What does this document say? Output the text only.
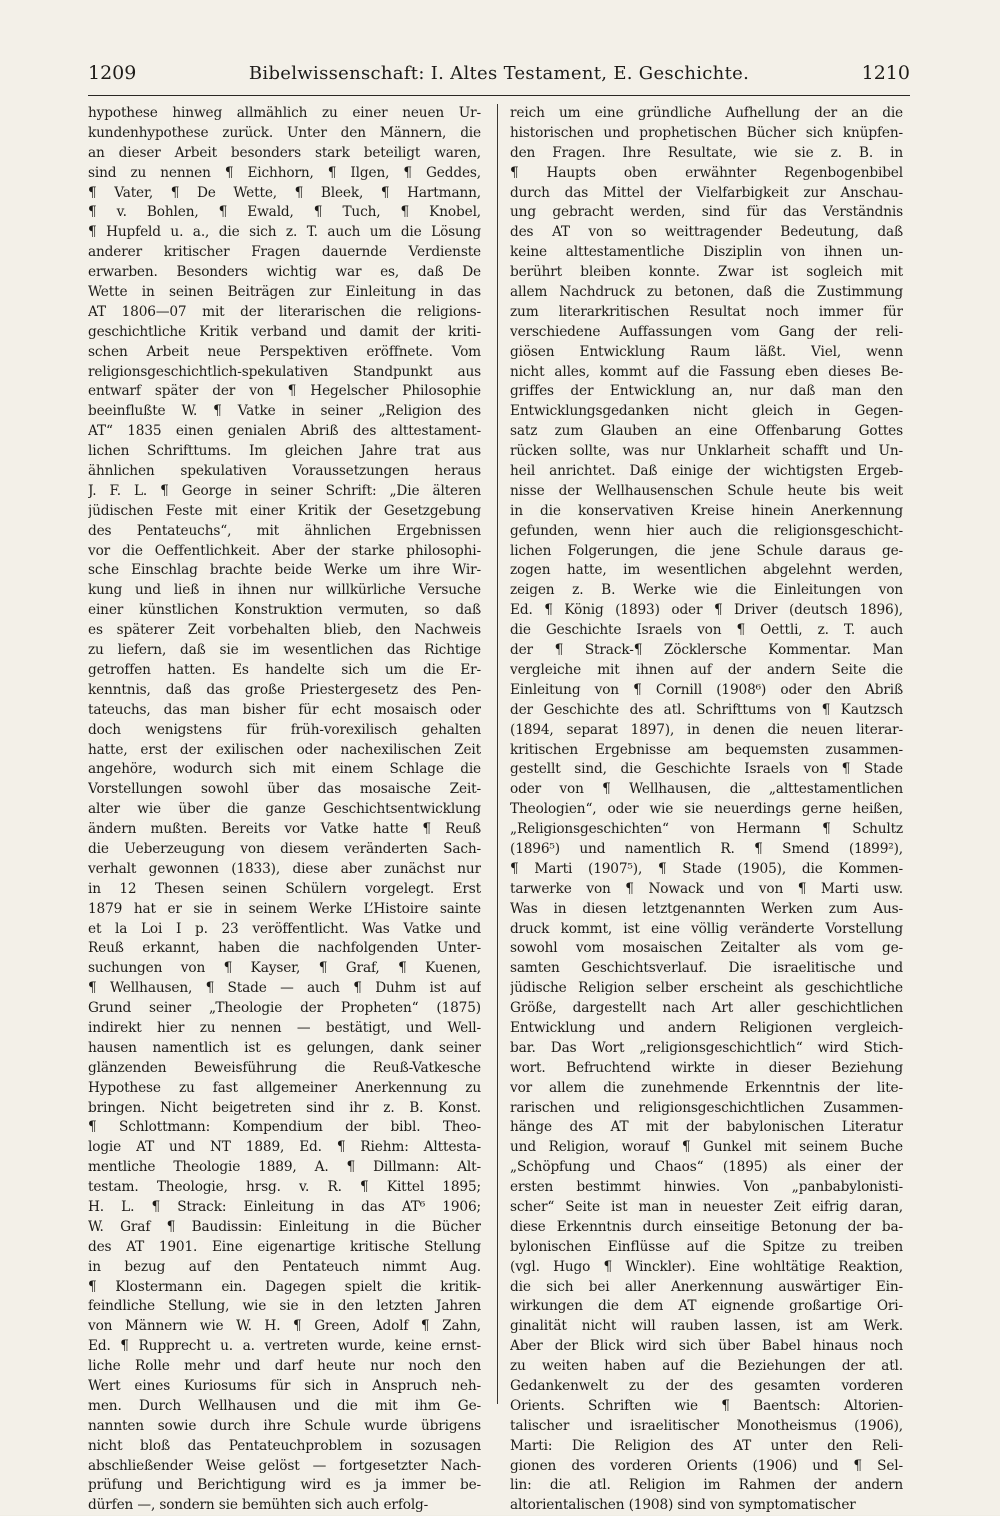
1209	Bibelwissenschaft: I. Altes Testament, E. Geschichte.	1210
hypothese hinweg allmählich zu einer neuen Ur-
kundenhypothese zurück. Unter den Männern, die
an dieser Arbeit besonders stark beteiligt waren,
sind zu nennen ¶ Eichhorn, ¶ Ilgen, ¶ Geddes,
¶ Vater, ¶ De Wette, ¶ Bleek, ¶ Hartmann,
¶ v. Bohlen, ¶ Ewald, ¶ Tuch, ¶ Knobel,
¶ Hupfeld u. a., die sich z. T. auch um die Lösung
anderer kritischer Fragen dauernde Verdienste
erwarben. Besonders wichtig war es, daß De
Wette in seinen Beiträgen zur Einleitung in das
AT 1806—07 mit der literarischen die religions-
geschichtliche Kritik verband und damit der kriti-
schen Arbeit neue Perspektiven eröffnete. Vom
religionsgeschichtlich-spekulativen Standpunkt aus
entwarf später der von ¶ Hegelscher Philosophie
beeinflußte W. ¶ Vatke in seiner „Religion des
AT“ 1835 einen genialen Abriß des alttestament-
lichen Schrifttums. Im gleichen Jahre trat aus
ähnlichen spekulativen Voraussetzungen heraus
J. F. L. ¶ George in seiner Schrift: „Die älteren
jüdischen Feste mit einer Kritik der Gesetzgebung
des Pentateuchs“, mit ähnlichen Ergebnissen
vor die Oeffentlichkeit. Aber der starke philosophi-
sche Einschlag brachte beide Werke um ihre Wir-
kung und ließ in ihnen nur willkürliche Versuche
einer künstlichen Konstruktion vermuten, so daß
es späterer Zeit vorbehalten blieb, den Nachweis
zu liefern, daß sie im wesentlichen das Richtige
getroffen hatten. Es handelte sich um die Er-
kenntnis, daß das große Priestergesetz des Pen-
tateuchs, das man bisher für echt mosaisch oder
doch wenigstens für früh-vorexilisch gehalten
hatte, erst der exilischen oder nachexilischen Zeit
angehöre, wodurch sich mit einem Schlage die
Vorstellungen sowohl über das mosaische Zeit-
alter wie über die ganze Geschichtsentwicklung
ändern mußten. Bereits vor Vatke hatte ¶ Reuß
die Ueberzeugung von diesem veränderten Sach-
verhalt gewonnen (1833), diese aber zunächst nur
in 12 Thesen seinen Schülern vorgelegt. Erst
1879 hat er sie in seinem Werke L’Histoire sainte
et la Loi I p. 23 veröffentlicht. Was Vatke und
Reuß erkannt, haben die nachfolgenden Unter-
suchungen von ¶ Kayser, ¶ Graf, ¶ Kuenen,
¶ Wellhausen, ¶ Stade — auch ¶ Duhm ist auf
Grund seiner „Theologie der Propheten“ (1875)
indirekt hier zu nennen — bestätigt, und Well-
hausen namentlich ist es gelungen, dank seiner
glänzenden Beweisführung die Reuß-Vatkesche
Hypothese zu fast allgemeiner Anerkennung zu
bringen. Nicht beigetreten sind ihr z. B. Konst.
¶ Schlottmann: Kompendium der bibl. Theo-
logie AT und NT 1889, Ed. ¶ Riehm: Alttesta-
mentliche Theologie 1889, A. ¶ Dillmann: Alt-
testam. Theologie, hrsg. v. R. ¶ Kittel 1895;
H. L. ¶ Strack: Einleitung in das AT⁶ 1906;
W. Graf ¶ Baudissin: Einleitung in die Bücher
des AT 1901. Eine eigenartige kritische Stellung
in bezug auf den Pentateuch nimmt Aug.
¶ Klostermann ein. Dagegen spielt die kritik-
feindliche Stellung, wie sie in den letzten Jahren
von Männern wie W. H. ¶ Green, Adolf ¶ Zahn,
Ed. ¶ Rupprecht u. a. vertreten wurde, keine ernst-
liche Rolle mehr und darf heute nur noch den
Wert eines Kuriosums für sich in Anspruch neh-
men. Durch Wellhausen und die mit ihm Ge-
nannten sowie durch ihre Schule wurde übrigens
nicht bloß das Pentateuchproblem in sozusagen
abschließender Weise gelöst — fortgesetzter Nach-
prüfung und Berichtigung wird es ja immer be-
dürfen —, sondern sie bemühten sich auch erfolg-
reich um eine gründliche Aufhellung der an die
historischen und prophetischen Bücher sich knüpfen-
den Fragen. Ihre Resultate, wie sie z. B. in
¶ Haupts oben erwähnter Regenbogenbibel
durch das Mittel der Vielfarbigkeit zur Anschau-
ung gebracht werden, sind für das Verständnis
des AT von so weittragender Bedeutung, daß
keine alttestamentliche Disziplin von ihnen un-
berührt bleiben konnte. Zwar ist sogleich mit
allem Nachdruck zu betonen, daß die Zustimmung
zum literarkritischen Resultat noch immer für
verschiedene Auffassungen vom Gang der reli-
giösen Entwicklung Raum läßt. Viel, wenn
nicht alles, kommt auf die Fassung eben dieses Be-
griffes der Entwicklung an, nur daß man den
Entwicklungsgedanken nicht gleich in Gegen-
satz zum Glauben an eine Offenbarung Gottes
rücken sollte, was nur Unklarheit schafft und Un-
heil anrichtet. Daß einige der wichtigsten Ergeb-
nisse der Wellhausenschen Schule heute bis weit
in die konservativen Kreise hinein Anerkennung
gefunden, wenn hier auch die religionsgeschicht-
lichen Folgerungen, die jene Schule daraus ge-
zogen hatte, im wesentlichen abgelehnt werden,
zeigen z. B. Werke wie die Einleitungen von
Ed. ¶ König (1893) oder ¶ Driver (deutsch 1896),
die Geschichte Israels von ¶ Oettli, z. T. auch
der ¶ Strack-¶ Zöcklersche Kommentar. Man
vergleiche mit ihnen auf der andern Seite die
Einleitung von ¶ Cornill (1908⁶) oder den Abriß
der Geschichte des atl. Schrifttums von ¶ Kautzsch
(1894, separat 1897), in denen die neuen literar-
kritischen Ergebnisse am bequemsten zusammen-
gestellt sind, die Geschichte Israels von ¶ Stade
oder von ¶ Wellhausen, die „alttestamentlichen
Theologien“, oder wie sie neuerdings gerne heißen,
„Religionsgeschichten“ von Hermann ¶ Schultz
(1896⁵) und namentlich R. ¶ Smend (1899²),
¶ Marti (1907⁵), ¶ Stade (1905), die Kommen-
tarwerke von ¶ Nowack und von ¶ Marti usw.
Was in diesen letztgenannten Werken zum Aus-
druck kommt, ist eine völlig veränderte Vorstellung
sowohl vom mosaischen Zeitalter als vom ge-
samten Geschichtsverlauf. Die israelitische und
jüdische Religion selber erscheint als geschichtliche
Größe, dargestellt nach Art aller geschichtlichen
Entwicklung und andern Religionen vergleich-
bar. Das Wort „religionsgeschichtlich“ wird Stich-
wort. Befruchtend wirkte in dieser Beziehung
vor allem die zunehmende Erkenntnis der lite-
rarischen und religionsgeschichtlichen Zusammen-
hänge des AT mit der babylonischen Literatur
und Religion, worauf ¶ Gunkel mit seinem Buche
„Schöpfung und Chaos“ (1895) als einer der
ersten bestimmt hinwies. Von „panbabylonisti-
scher“ Seite ist man in neuester Zeit eifrig daran,
diese Erkenntnis durch einseitige Betonung der ba-
bylonischen Einflüsse auf die Spitze zu treiben
(vgl. Hugo ¶ Winckler). Eine wohltätige Reaktion,
die sich bei aller Anerkennung auswärtiger Ein-
wirkungen die dem AT eignende großartige Ori-
ginalität nicht will rauben lassen, ist am Werk.
Aber der Blick wird sich über Babel hinaus noch
zu weiten haben auf die Beziehungen der atl.
Gedankenwelt zu der des gesamten vorderen
Orients. Schriften wie ¶ Baentsch: Altorien-
talischer und israelitischer Monotheismus (1906),
Marti: Die Religion des AT unter den Reli-
gionen des vorderen Orients (1906) und ¶ Sel-
lin: die atl. Religion im Rahmen der andern
altorientalischen (1908) sind von symptomatischer
